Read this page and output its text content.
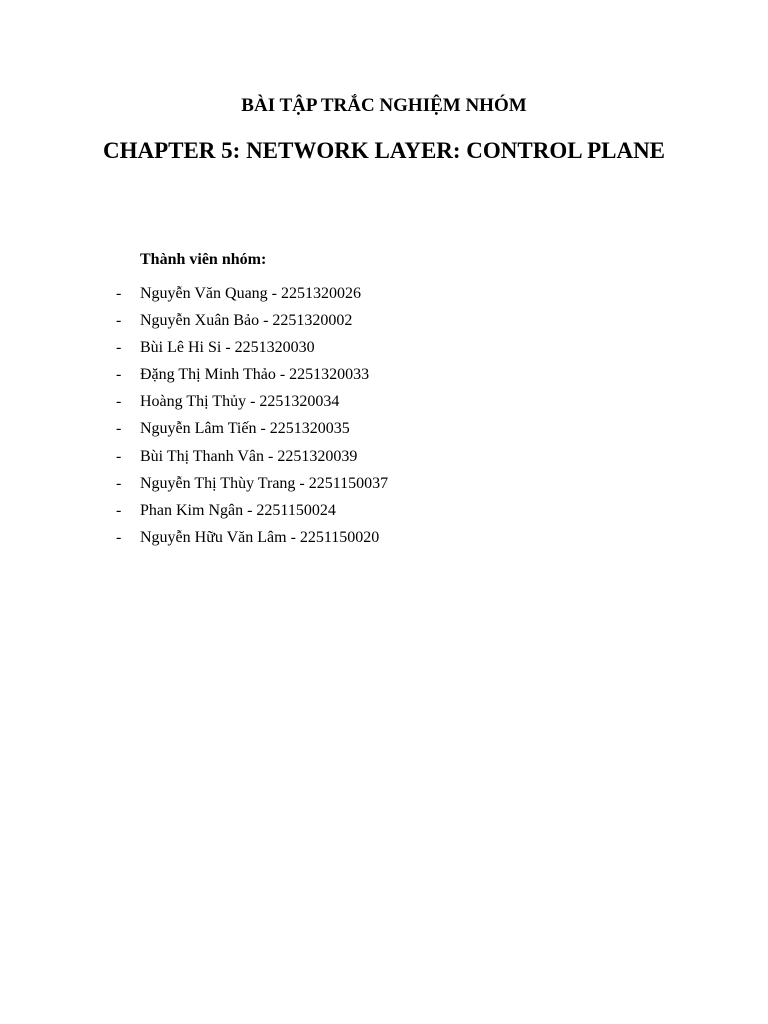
BÀI TẬP TRẮC NGHIỆM NHÓM
CHAPTER 5: NETWORK LAYER: CONTROL PLANE
Thành viên nhóm:
- Nguyễn Văn Quang - 2251320026
- Nguyễn Xuân Bảo - 2251320002
- Bùi Lê Hi Si - 2251320030
- Đặng Thị Minh Thảo - 2251320033
- Hoàng Thị Thủy - 2251320034
- Nguyễn Lâm Tiến - 2251320035
- Bùi Thị Thanh Vân - 2251320039
- Nguyễn Thị Thùy Trang - 2251150037
- Phan Kim Ngân - 2251150024
- Nguyễn Hữu Văn Lâm - 2251150020
